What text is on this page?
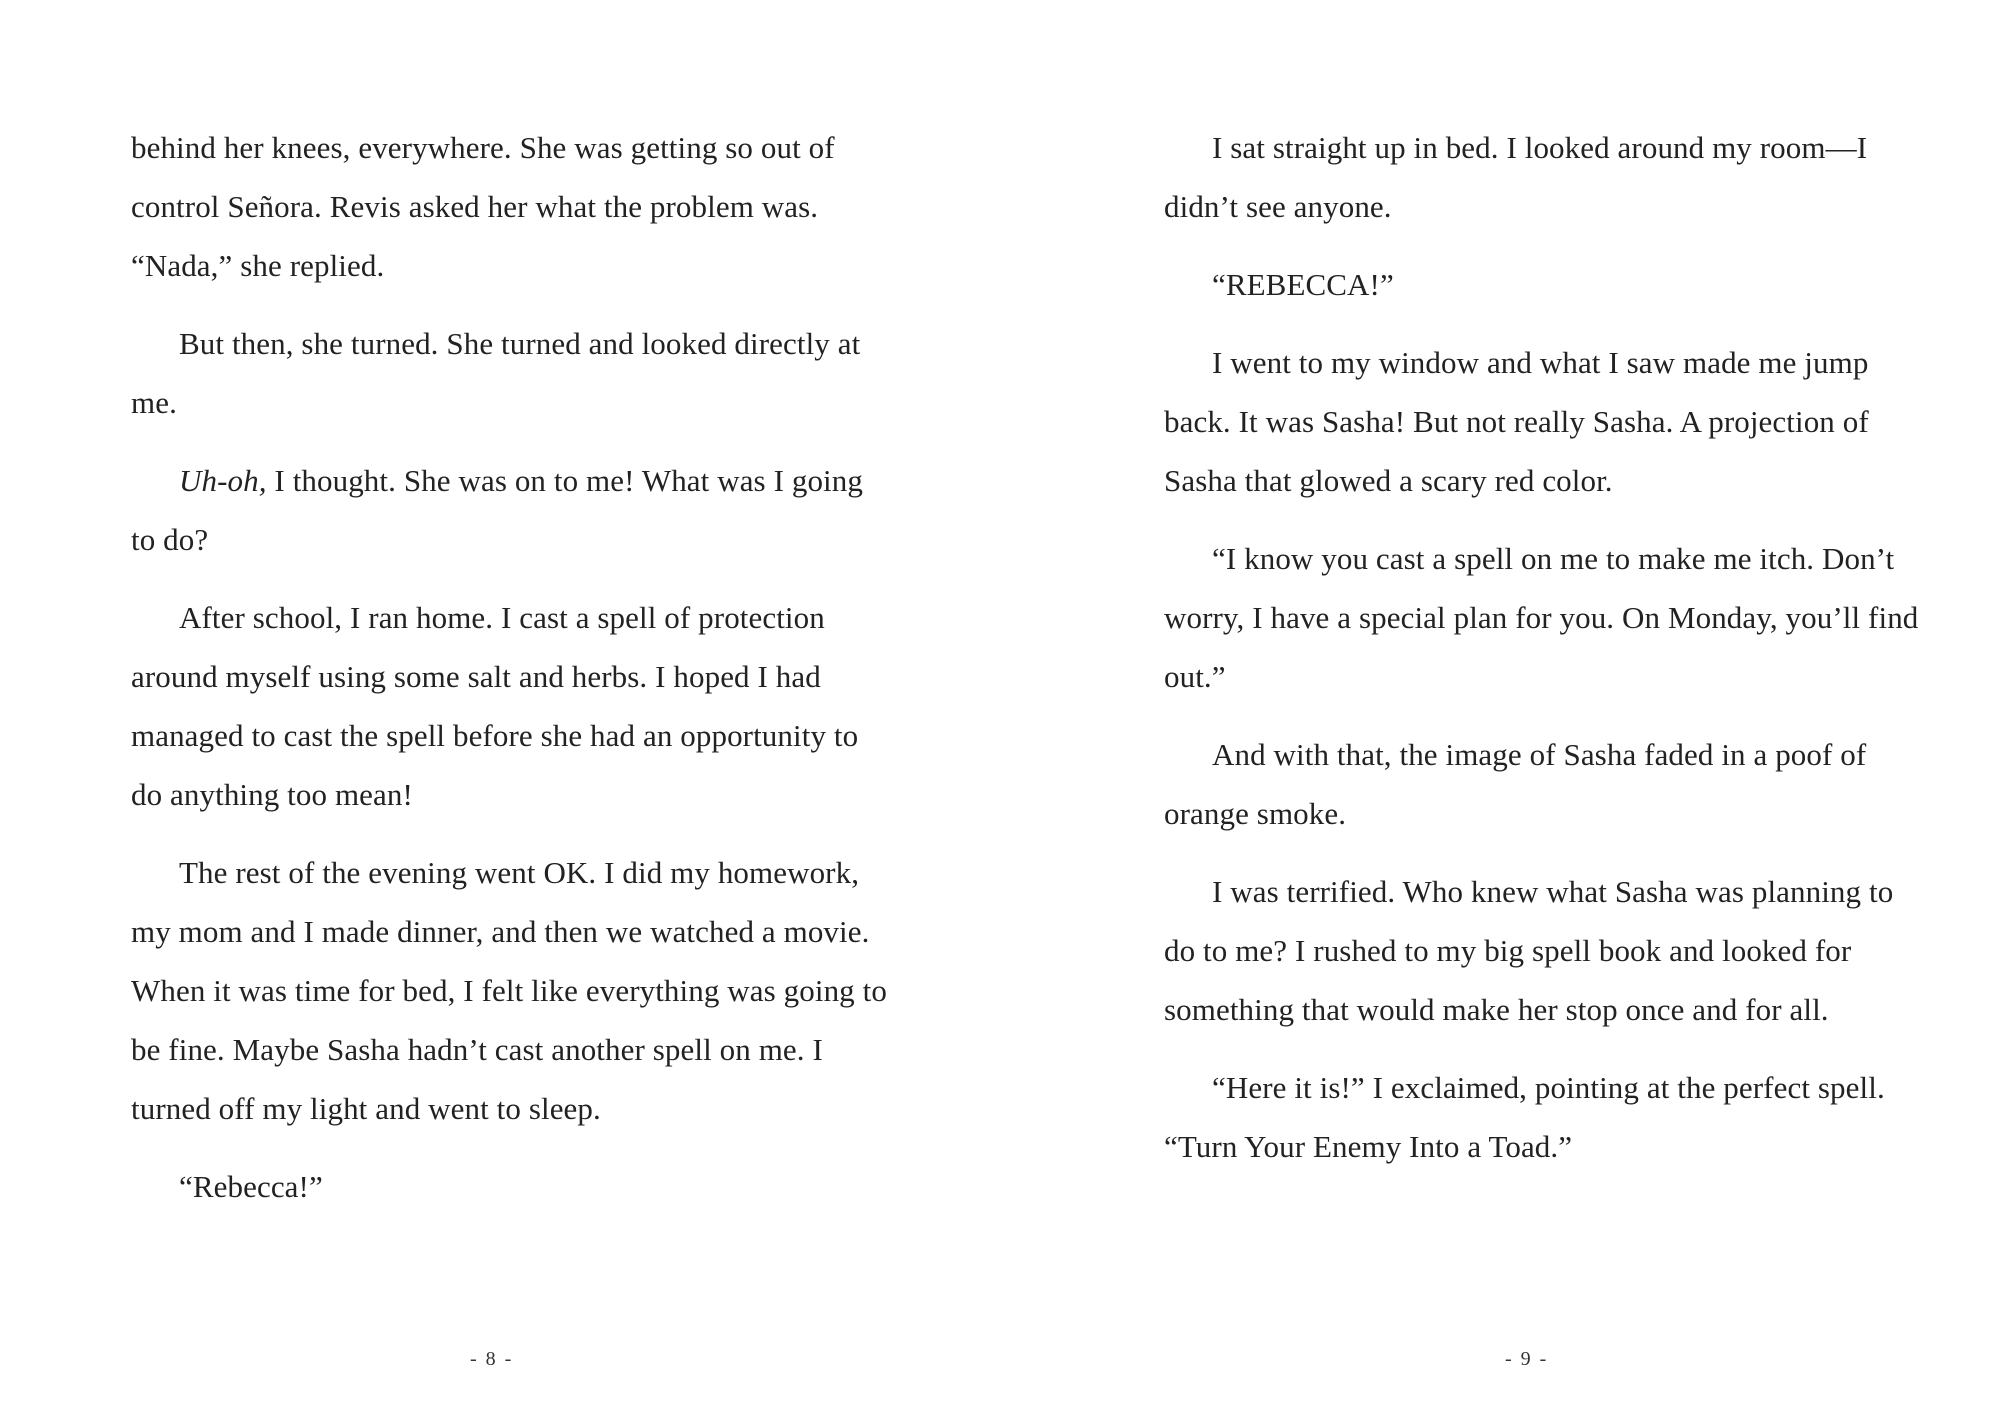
behind her knees, everywhere. She was getting so out of control Señora. Revis asked her what the problem was. “Nada,” she replied.

But then, she turned. She turned and looked directly at me.

Uh-oh, I thought. She was on to me! What was I going to do?

After school, I ran home. I cast a spell of protection around myself using some salt and herbs. I hoped I had managed to cast the spell before she had an opportunity to do anything too mean!

The rest of the evening went OK. I did my homework, my mom and I made dinner, and then we watched a movie. When it was time for bed, I felt like everything was going to be fine. Maybe Sasha hadn’t cast another spell on me. I turned off my light and went to sleep.

“Rebecca!”

I sat straight up in bed. I looked around my room—I didn’t see anyone.

“REBECCA!”

I went to my window and what I saw made me jump back. It was Sasha! But not really Sasha. A projection of Sasha that glowed a scary red color.

“I know you cast a spell on me to make me itch. Don’t worry, I have a special plan for you. On Monday, you’ll find out.”

And with that, the image of Sasha faded in a poof of orange smoke.

I was terrified. Who knew what Sasha was planning to do to me? I rushed to my big spell book and looked for something that would make her stop once and for all.

“Here it is!” I exclaimed, pointing at the perfect spell. “Turn Your Enemy Into a Toad.”

- 8 -	- 9 -
